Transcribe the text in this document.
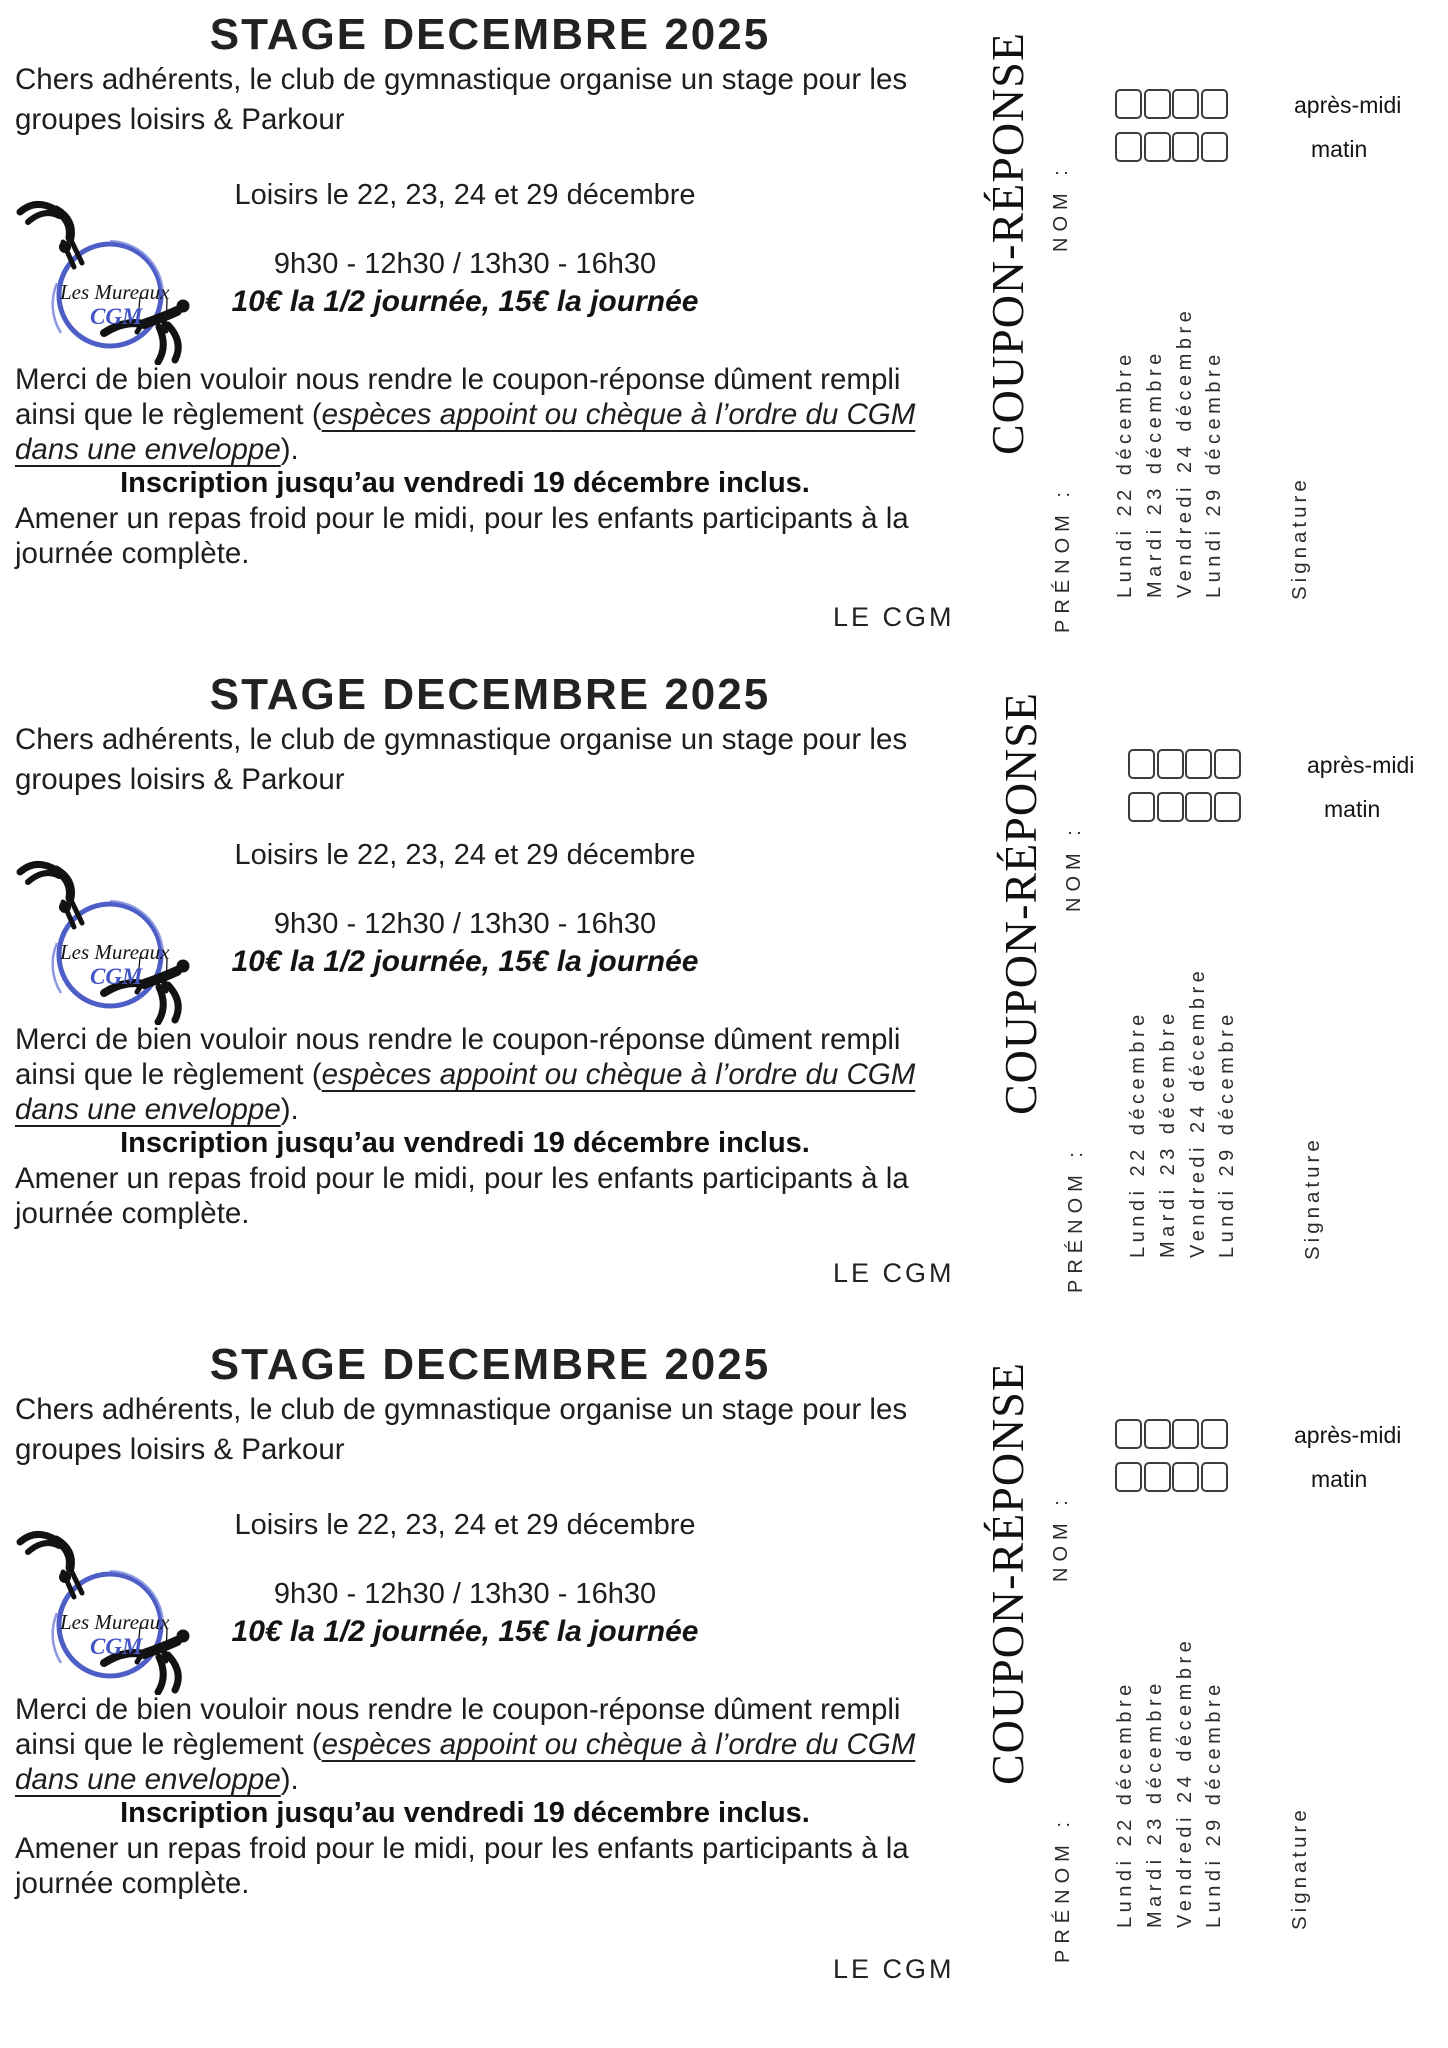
STAGE DECEMBRE 2025
Chers adhérents, le club de gymnastique organise un stage pour les
groupes loisirs & Parkour
Loisirs le 22, 23, 24 et 29 décembre
9h30 - 12h30 / 13h30 - 16h30
10€ la 1/2 journée, 15€ la journée
Les Mureaux
CGM
Merci de bien vouloir nous rendre le coupon-réponse dûment rempli
ainsi que le règlement (espèces appoint ou chèque à l’ordre du CGM
dans une enveloppe).
Inscription jusqu’au vendredi 19 décembre inclus.
Amener un repas froid pour le midi, pour les enfants participants à la
journée complète.
LE CGM
COUPON-RÉPONSE NOM :
PRÉNOM :
après-midi
matin
Lundi 22 décembre Mardi 23 décembre Vendredi 24 décembre Lundi 29 décembre	Signature
STAGE DECEMBRE 2025
Chers adhérents, le club de gymnastique organise un stage pour les
groupes loisirs & Parkour
Loisirs le 22, 23, 24 et 29 décembre
9h30 - 12h30 / 13h30 - 16h30
10€ la 1/2 journée, 15€ la journée
Les Mureaux
CGM
Merci de bien vouloir nous rendre le coupon-réponse dûment rempli
ainsi que le règlement (espèces appoint ou chèque à l’ordre du CGM
dans une enveloppe).
Inscription jusqu’au vendredi 19 décembre inclus.
Amener un repas froid pour le midi, pour les enfants participants à la
journée complète.
LE CGM
COUPON-RÉPONSE NOM :
PRÉNOM :
après-midi
matin
Lundi 22 décembre Mardi 23 décembre Vendredi 24 décembre Lundi 29 décembre	Signature
STAGE DECEMBRE 2025
Chers adhérents, le club de gymnastique organise un stage pour les
groupes loisirs & Parkour
Loisirs le 22, 23, 24 et 29 décembre
9h30 - 12h30 / 13h30 - 16h30
10€ la 1/2 journée, 15€ la journée
Les Mureaux
CGM
Merci de bien vouloir nous rendre le coupon-réponse dûment rempli
ainsi que le règlement (espèces appoint ou chèque à l’ordre du CGM
dans une enveloppe).
Inscription jusqu’au vendredi 19 décembre inclus.
Amener un repas froid pour le midi, pour les enfants participants à la
journée complète.
LE CGM
COUPON-RÉPONSE NOM :
PRÉNOM :
après-midi
matin
Lundi 22 décembre Mardi 23 décembre Vendredi 24 décembre Lundi 29 décembre	Signature
